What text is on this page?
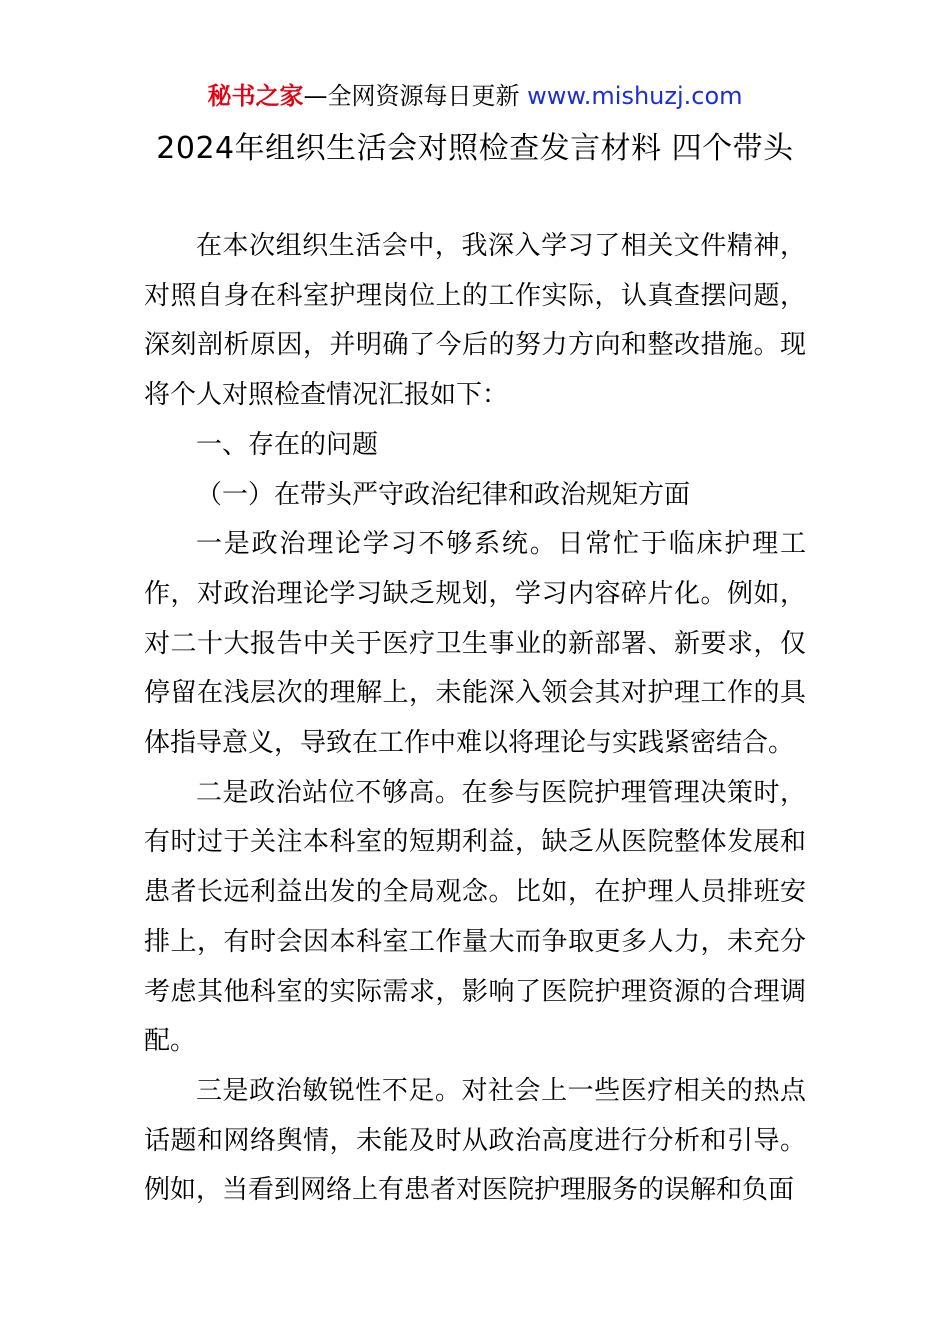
秘书之家—全网资源每日更新 www.mishuzj.com
2024年组织生活会对照检查发言材料 四个带头

在本次组织生活会中，我深入学习了相关文件精神，对照自身在科室护理岗位上的工作实际，认真查摆问题，深刻剖析原因，并明确了今后的努力方向和整改措施。现将个人对照检查情况汇报如下：

一、存在的问题

（一）在带头严守政治纪律和政治规矩方面

一是政治理论学习不够系统。日常忙于临床护理工作，对政治理论学习缺乏规划，学习内容碎片化。例如，对二十大报告中关于医疗卫生事业的新部署、新要求，仅停留在浅层次的理解上，未能深入领会其对护理工作的具体指导意义，导致在工作中难以将理论与实践紧密结合。

二是政治站位不够高。在参与医院护理管理决策时，有时过于关注本科室的短期利益，缺乏从医院整体发展和患者长远利益出发的全局观念。比如，在护理人员排班安排上，有时会因本科室工作量大而争取更多人力，未充分考虑其他科室的实际需求，影响了医院护理资源的合理调配。

三是政治敏锐性不足。对社会上一些医疗相关的热点话题和网络舆情，未能及时从政治高度进行分析和引导。例如，当看到网络上有患者对医院护理服务的误解和负面
